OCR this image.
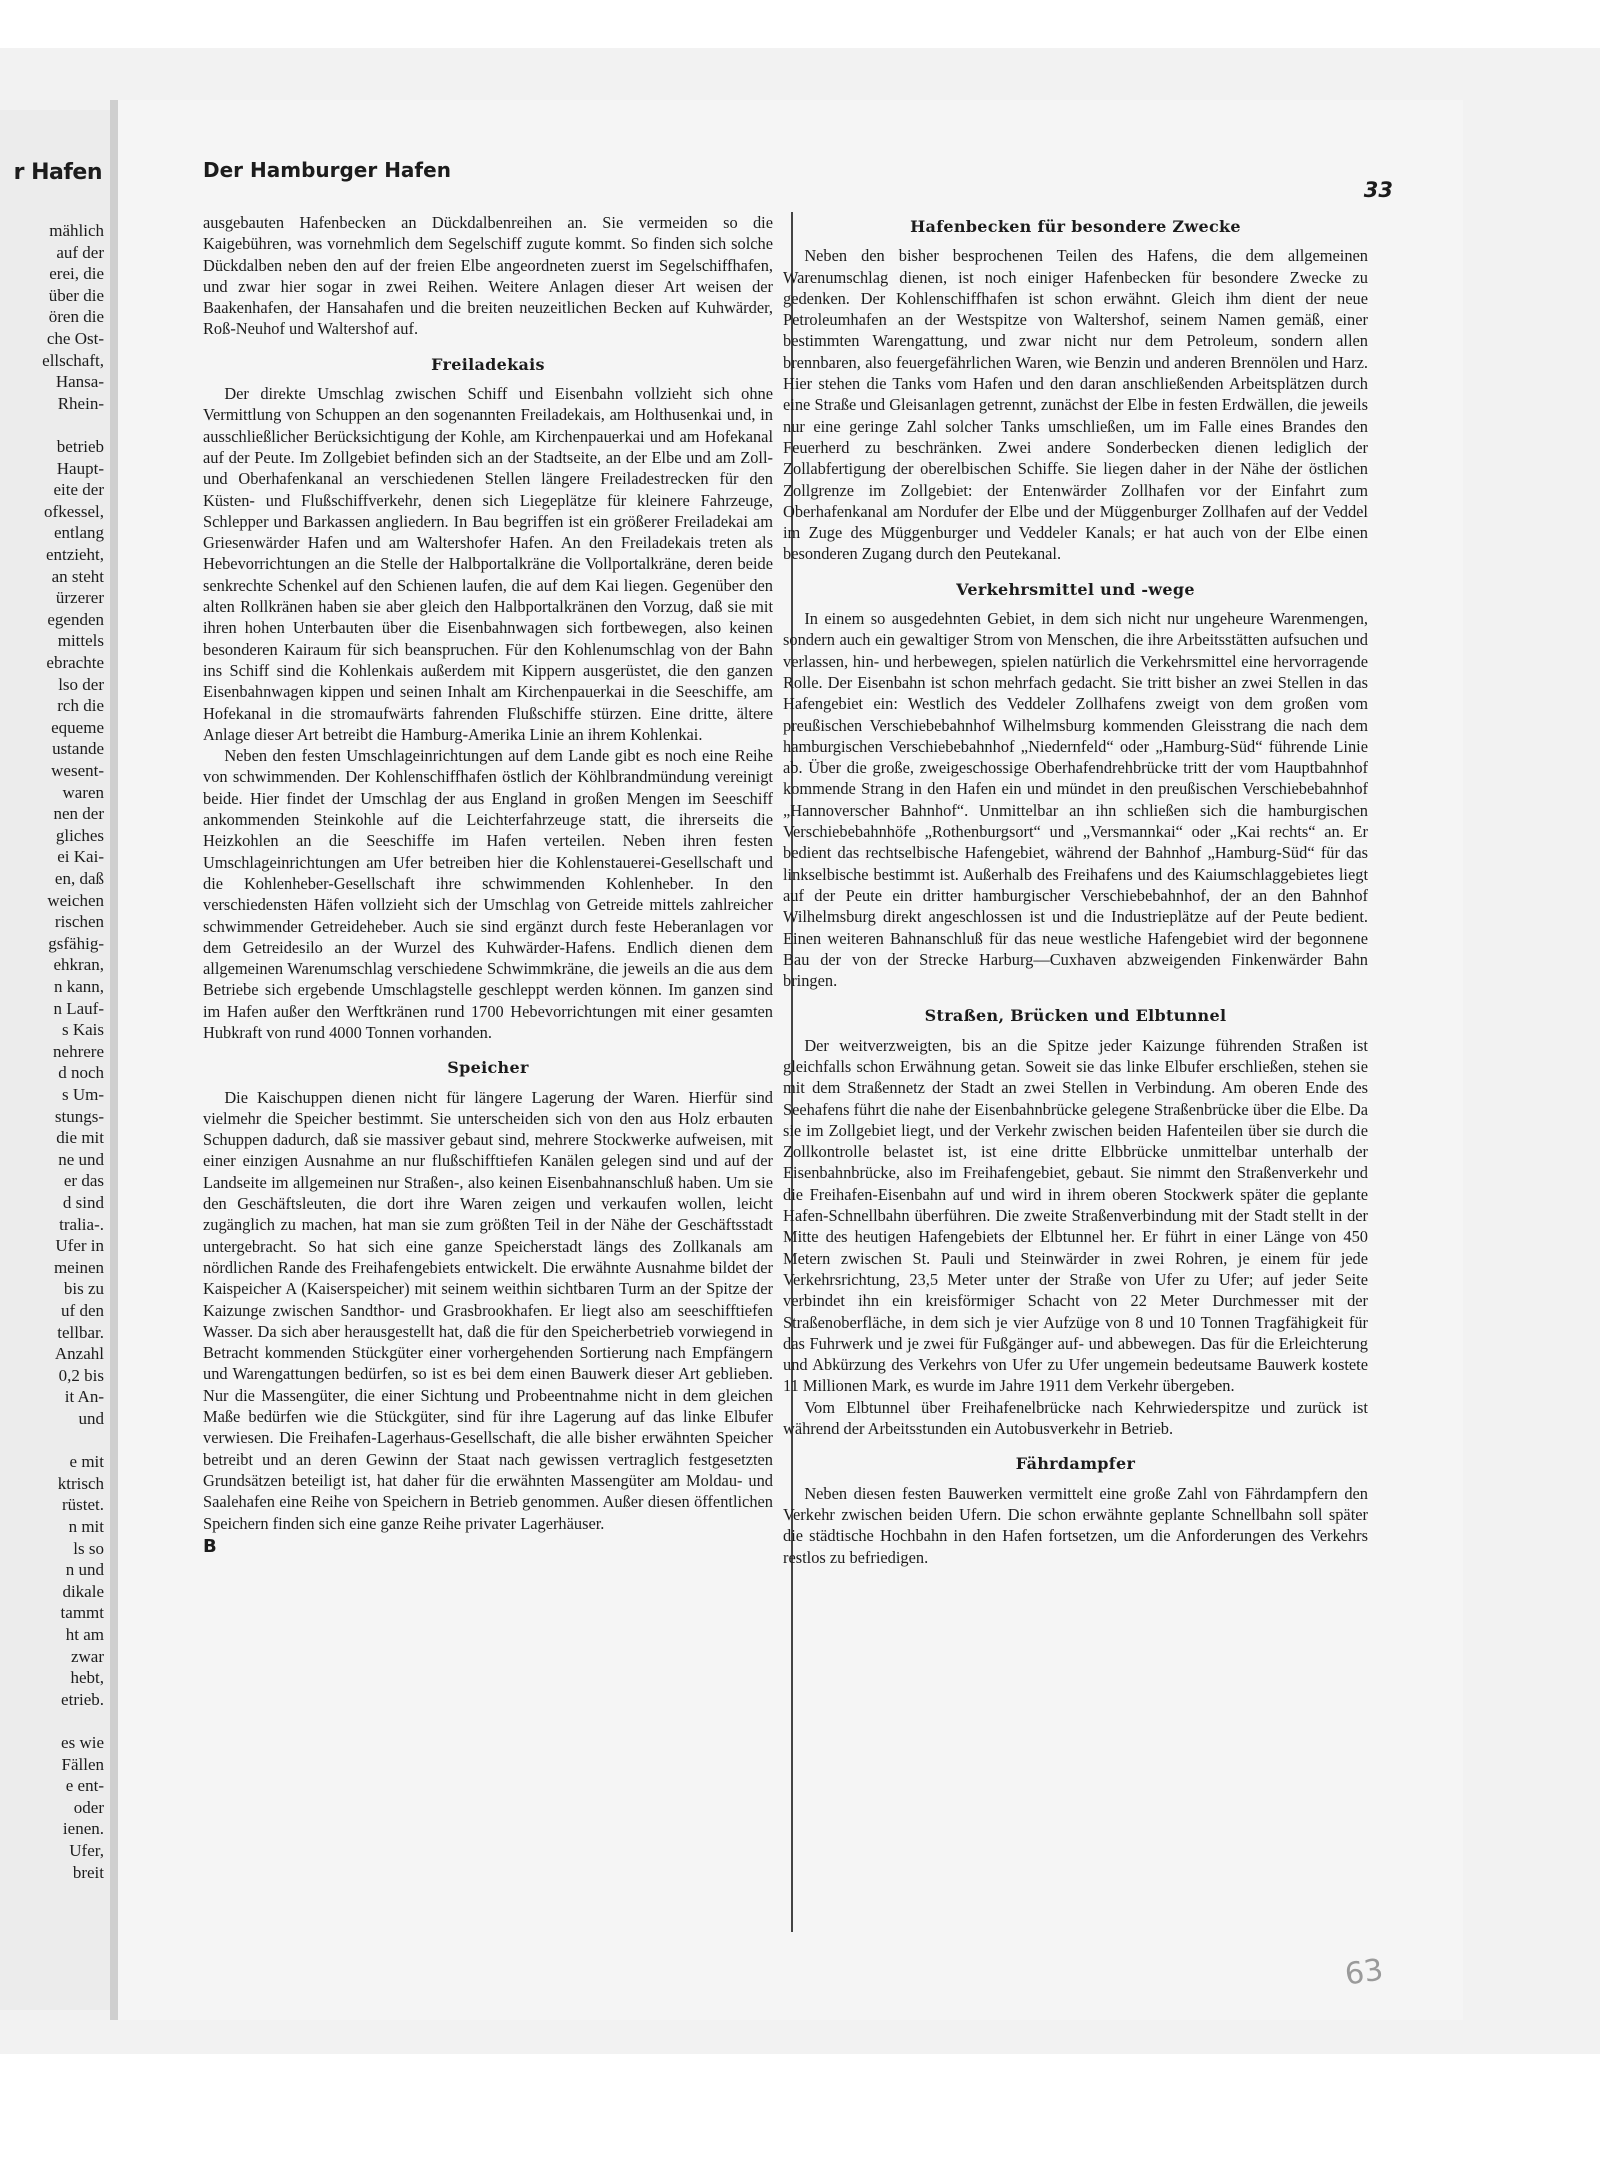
r Hafen
mählich
auf der
erei, die
über die
ören die
che Ost-
ellschaft,
Hansa-
Rhein-
betrieb
Haupt-
eite der
ofkessel,
entlang
entzieht,
an steht
ürzerer
egenden
mittels
ebrachte
lso der
rch die
equeme
ustande
wesent-
waren
nen der
gliches
ei Kai-
en, daß
weichen
rischen
gsfähig-
ehkran,
n kann,
n Lauf-
s Kais
nehrere
d noch
s Um-
stungs-
die mit
ne und
er das
d sind
tralia-.
Ufer in
meinen
bis zu
uf den
tellbar.
Anzahl
0,2 bis
it An-
und
e mit
ktrisch
rüstet.
n mit
ls so
n und
dikale
tammt
ht am
zwar
hebt,
etrieb.
es wie
Fällen
e ent-
oder
ienen.
Ufer,
breit
Der Hamburger Hafen
33

ausgebauten Hafenbecken an Dückdalbenreihen an. Sie vermeiden so die Kaigebühren, was vornehmlich dem Segelschiff zugute kommt. So finden sich solche Dückdalben neben den auf der freien Elbe angeordneten zuerst im Segelschiffhafen, und zwar hier sogar in zwei Reihen. Weitere Anlagen dieser Art weisen der Baakenhafen, der Hansahafen und die breiten neuzeitlichen Becken auf Kuhwärder, Roß-Neuhof und Waltershof auf.

Freiladekais

Der direkte Umschlag zwischen Schiff und Eisenbahn vollzieht sich ohne Vermittlung von Schuppen an den sogenannten Freiladekais, am Holthusenkai und, in ausschließlicher Berücksichtigung der Kohle, am Kirchenpauerkai und am Hofekanal auf der Peute. Im Zollgebiet befinden sich an der Stadtseite, an der Elbe und am Zoll- und Oberhafenkanal an verschiedenen Stellen längere Freiladestrecken für den Küsten- und Flußschiffverkehr, denen sich Liegeplätze für kleinere Fahrzeuge, Schlepper und Barkassen angliedern. In Bau begriffen ist ein größerer Freiladekai am Griesenwärder Hafen und am Waltershofer Hafen. An den Freiladekais treten als Hebevorrichtungen an die Stelle der Halbportalkräne die Vollportalkräne, deren beide senkrechte Schenkel auf den Schienen laufen, die auf dem Kai liegen. Gegenüber den alten Rollkränen haben sie aber gleich den Halbportalkränen den Vorzug, daß sie mit ihren hohen Unterbauten über die Eisenbahnwagen sich fortbewegen, also keinen besonderen Kairaum für sich beanspruchen. Für den Kohlenumschlag von der Bahn ins Schiff sind die Kohlenkais außerdem mit Kippern ausgerüstet, die den ganzen Eisenbahnwagen kippen und seinen Inhalt am Kirchenpauerkai in die Seeschiffe, am Hofekanal in die stromaufwärts fahrenden Flußschiffe stürzen. Eine dritte, ältere Anlage dieser Art betreibt die Hamburg-Amerika Linie an ihrem Kohlenkai.

Neben den festen Umschlageinrichtungen auf dem Lande gibt es noch eine Reihe von schwimmenden. Der Kohlenschiffhafen östlich der Köhlbrandmündung vereinigt beide. Hier findet der Umschlag der aus England in großen Mengen im Seeschiff ankommenden Steinkohle auf die Leichterfahrzeuge statt, die ihrerseits die Heizkohlen an die Seeschiffe im Hafen verteilen. Neben ihren festen Umschlageinrichtungen am Ufer betreiben hier die Kohlenstauerei-Gesellschaft und die Kohlenheber-Gesellschaft ihre schwimmenden Kohlenheber. In den verschiedensten Häfen vollzieht sich der Umschlag von Getreide mittels zahlreicher schwimmender Getreideheber. Auch sie sind ergänzt durch feste Heberanlagen vor dem Getreidesilo an der Wurzel des Kuhwärder-Hafens. Endlich dienen dem allgemeinen Warenumschlag verschiedene Schwimmkräne, die jeweils an die aus dem Betriebe sich ergebende Umschlagstelle geschleppt werden können. Im ganzen sind im Hafen außer den Werftkränen rund 1700 Hebevorrichtungen mit einer gesamten Hubkraft von rund 4000 Tonnen vorhanden.

Speicher

Die Kaischuppen dienen nicht für längere Lagerung der Waren. Hierfür sind vielmehr die Speicher bestimmt. Sie unterscheiden sich von den aus Holz erbauten Schuppen dadurch, daß sie massiver gebaut sind, mehrere Stockwerke aufweisen, mit einer einzigen Ausnahme an nur flußschifftiefen Kanälen gelegen sind und auf der Landseite im allgemeinen nur Straßen-, also keinen Eisenbahnanschluß haben. Um sie den Geschäftsleuten, die dort ihre Waren zeigen und verkaufen wollen, leicht zugänglich zu machen, hat man sie zum größten Teil in der Nähe der Geschäftsstadt untergebracht. So hat sich eine ganze Speicherstadt längs des Zollkanals am nördlichen Rande des Freihafengebiets entwickelt. Die erwähnte Ausnahme bildet der Kaispeicher A (Kaiserspeicher) mit seinem weithin sichtbaren Turm an der Spitze der Kaizunge zwischen Sandthor- und Grasbrookhafen. Er liegt also am seeschifftiefen Wasser. Da sich aber herausgestellt hat, daß die für den Speicherbetrieb vorwiegend in Betracht kommenden Stückgüter einer vorhergehenden Sortierung nach Empfängern und Warengattungen bedürfen, so ist es bei dem einen Bauwerk dieser Art geblieben. Nur die Massengüter, die einer Sichtung und Probeentnahme nicht in dem gleichen Maße bedürfen wie die Stückgüter, sind für ihre Lagerung auf das linke Elbufer verwiesen. Die Freihafen-Lagerhaus-Gesellschaft, die alle bisher erwähnten Speicher betreibt und an deren Gewinn der Staat nach gewissen vertraglich festgesetzten Grundsätzen beteiligt ist, hat daher für die erwähnten Massengüter am Moldau- und Saalehafen eine Reihe von Speichern in Betrieb genommen. Außer diesen öffentlichen Speichern finden sich eine ganze Reihe privater Lagerhäuser.

B
Hafenbecken für besondere Zwecke

Neben den bisher besprochenen Teilen des Hafens, die dem allgemeinen Warenumschlag dienen, ist noch einiger Hafenbecken für besondere Zwecke zu gedenken. Der Kohlenschiffhafen ist schon erwähnt. Gleich ihm dient der neue Petroleumhafen an der Westspitze von Waltershof, seinem Namen gemäß, einer bestimmten Warengattung, und zwar nicht nur dem Petroleum, sondern allen brennbaren, also feuergefährlichen Waren, wie Benzin und anderen Brennölen und Harz. Hier stehen die Tanks vom Hafen und den daran anschließenden Arbeitsplätzen durch eine Straße und Gleisanlagen getrennt, zunächst der Elbe in festen Erdwällen, die jeweils nur eine geringe Zahl solcher Tanks umschließen, um im Falle eines Brandes den Feuerherd zu beschränken. Zwei andere Sonderbecken dienen lediglich der Zollabfertigung der oberelbischen Schiffe. Sie liegen daher in der Nähe der östlichen Zollgrenze im Zollgebiet: der Entenwärder Zollhafen vor der Einfahrt zum Oberhafenkanal am Nordufer der Elbe und der Müggenburger Zollhafen auf der Veddel im Zuge des Müggenburger und Veddeler Kanals; er hat auch von der Elbe einen besonderen Zugang durch den Peutekanal.

Verkehrsmittel und -wege

In einem so ausgedehnten Gebiet, in dem sich nicht nur ungeheure Warenmengen, sondern auch ein gewaltiger Strom von Menschen, die ihre Arbeitsstätten aufsuchen und verlassen, hin- und herbewegen, spielen natürlich die Verkehrsmittel eine hervorragende Rolle. Der Eisenbahn ist schon mehrfach gedacht. Sie tritt bisher an zwei Stellen in das Hafengebiet ein: Westlich des Veddeler Zollhafens zweigt von dem großen vom preußischen Verschiebebahnhof Wilhelmsburg kommenden Gleisstrang die nach dem hamburgischen Verschiebebahnhof „Niedernfeld“ oder „Hamburg-Süd“ führende Linie ab. Über die große, zweigeschossige Oberhafendrehbrücke tritt der vom Hauptbahnhof kommende Strang in den Hafen ein und mündet in den preußischen Verschiebebahnhof „Hannoverscher Bahnhof“. Unmittelbar an ihn schließen sich die hamburgischen Verschiebebahnhöfe „Rothenburgsort“ und „Versmannkai“ oder „Kai rechts“ an. Er bedient das rechtselbische Hafengebiet, während der Bahnhof „Hamburg-Süd“ für das linkselbische bestimmt ist. Außerhalb des Freihafens und des Kaiumschlaggebietes liegt auf der Peute ein dritter hamburgischer Verschiebebahnhof, der an den Bahnhof Wilhelmsburg direkt angeschlossen ist und die Industrieplätze auf der Peute bedient. Einen weiteren Bahnanschluß für das neue westliche Hafengebiet wird der begonnene Bau der von der Strecke Harburg—Cuxhaven abzweigenden Finkenwärder Bahn bringen.

Straßen, Brücken und Elbtunnel

Der weitverzweigten, bis an die Spitze jeder Kaizunge führenden Straßen ist gleichfalls schon Erwähnung getan. Soweit sie das linke Elbufer erschließen, stehen sie mit dem Straßennetz der Stadt an zwei Stellen in Verbindung. Am oberen Ende des Seehafens führt die nahe der Eisenbahnbrücke gelegene Straßenbrücke über die Elbe. Da sie im Zollgebiet liegt, und der Verkehr zwischen beiden Hafenteilen über sie durch die Zollkontrolle belastet ist, ist eine dritte Elbbrücke unmittelbar unterhalb der Eisenbahnbrücke, also im Freihafengebiet, gebaut. Sie nimmt den Straßenverkehr und die Freihafen-Eisenbahn auf und wird in ihrem oberen Stockwerk später die geplante Hafen-Schnellbahn überführen. Die zweite Straßenverbindung mit der Stadt stellt in der Mitte des heutigen Hafengebiets der Elbtunnel her. Er führt in einer Länge von 450 Metern zwischen St. Pauli und Steinwärder in zwei Rohren, je einem für jede Verkehrsrichtung, 23,5 Meter unter der Straße von Ufer zu Ufer; auf jeder Seite verbindet ihn ein kreisförmiger Schacht von 22 Meter Durchmesser mit der Straßenoberfläche, in dem sich je vier Aufzüge von 8 und 10 Tonnen Tragfähigkeit für das Fuhrwerk und je zwei für Fußgänger auf- und abbewegen. Das für die Erleichterung und Abkürzung des Verkehrs von Ufer zu Ufer ungemein bedeutsame Bauwerk kostete 11 Millionen Mark, es wurde im Jahre 1911 dem Verkehr übergeben.

Vom Elbtunnel über Freihafenelbrücke nach Kehrwiederspitze und zurück ist während der Arbeitsstunden ein Autobusverkehr in Betrieb.

Fährdampfer

Neben diesen festen Bauwerken vermittelt eine große Zahl von Fährdampfern den Verkehr zwischen beiden Ufern. Die schon erwähnte geplante Schnellbahn soll später die städtische Hochbahn in den Hafen fortsetzen, um die Anforderungen des Verkehrs restlos zu befriedigen.

63
